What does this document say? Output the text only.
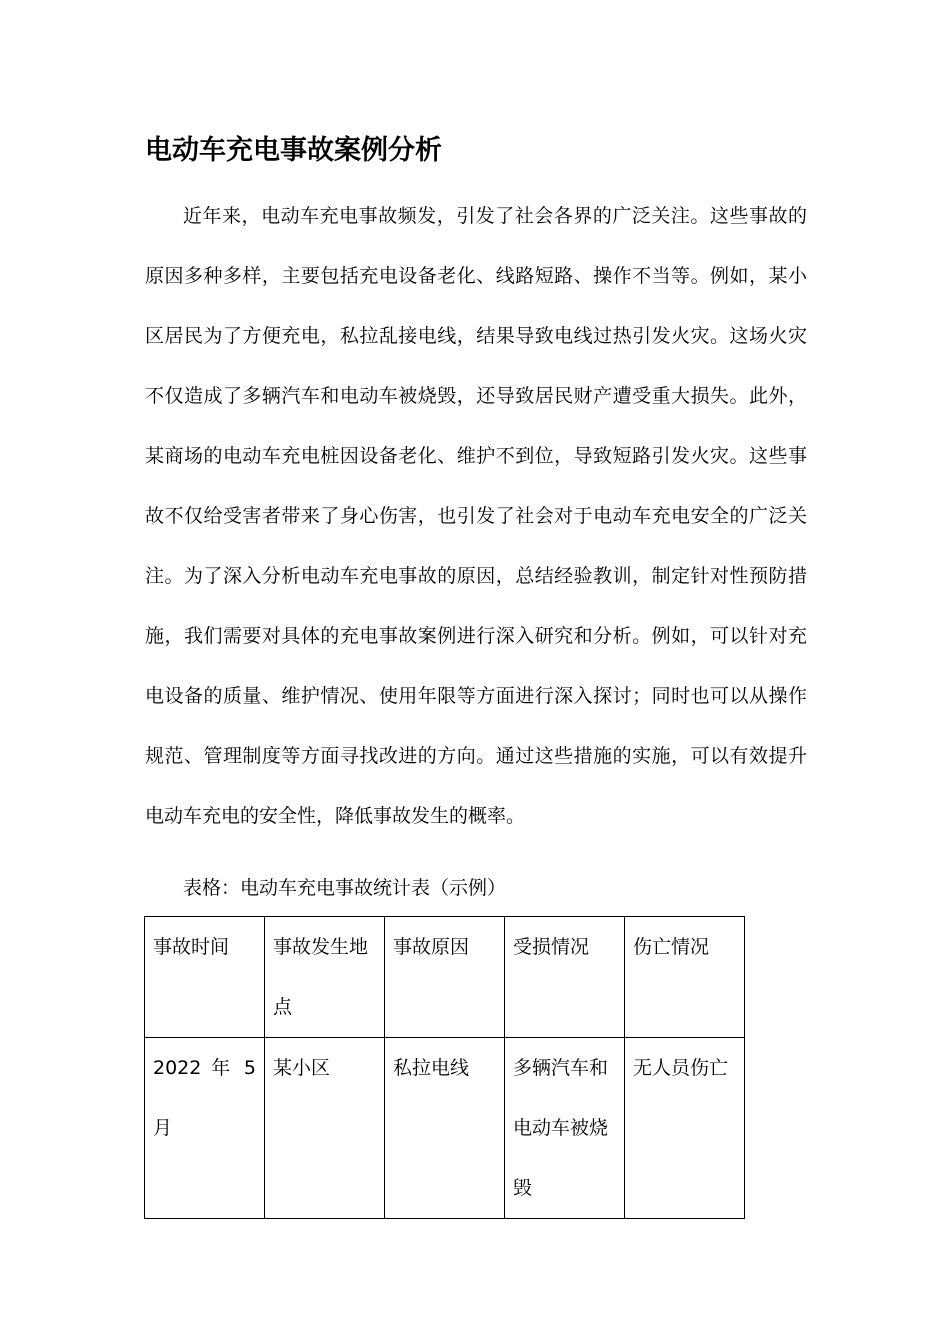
电动车充电事故案例分析

近年来，电动车充电事故频发，引发了社会各界的广泛关注。这些事故的原因多种多样，主要包括充电设备老化、线路短路、操作不当等。例如，某小区居民为了方便充电，私拉乱接电线，结果导致电线过热引发火灾。这场火灾不仅造成了多辆汽车和电动车被烧毁，还导致居民财产遭受重大损失。此外，某商场的电动车充电桩因设备老化、维护不到位，导致短路引发火灾。这些事故不仅给受害者带来了身心伤害，也引发了社会对于电动车充电安全的广泛关注。为了深入分析电动车充电事故的原因，总结经验教训，制定针对性预防措施，我们需要对具体的充电事故案例进行深入研究和分析。例如，可以针对充电设备的质量、维护情况、使用年限等方面进行深入探讨；同时也可以从操作规范、管理制度等方面寻找改进的方向。通过这些措施的实施，可以有效提升电动车充电的安全性，降低事故发生的概率。

表格：电动车充电事故统计表（示例）

事故时间	事故发生地点	事故原因	受损情况	伤亡情况

2022 年 5
月	某小区	私拉电线	多辆汽车和电动车被烧毁	无人员伤亡
